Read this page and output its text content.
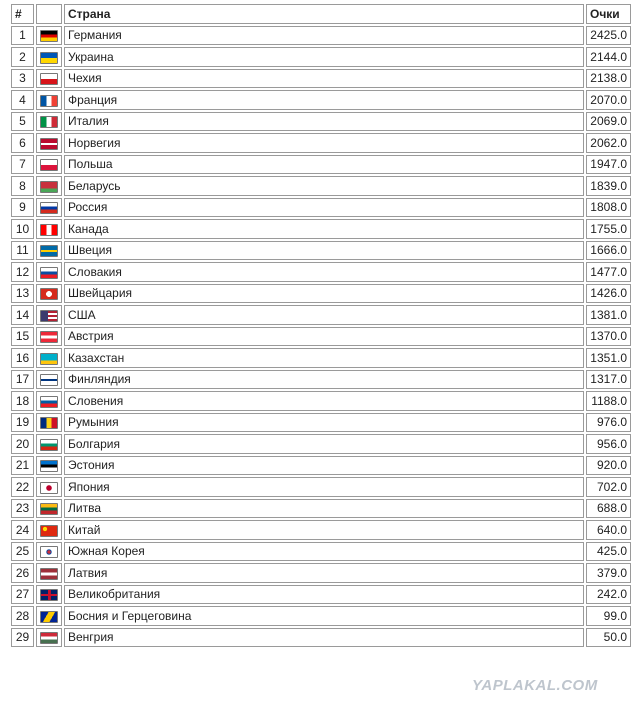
#		Страна	Очки
1		Германия	2425.0
2		Украина	2144.0
3		Чехия	2138.0
4		Франция	2070.0
5		Италия	2069.0
6		Норвегия	2062.0
7		Польша	1947.0
8		Беларусь	1839.0
9		Россия	1808.0
10		Канада	1755.0
11		Швеция	1666.0
12		Словакия	1477.0
13		Швейцария	1426.0
14		США	1381.0
15		Австрия	1370.0
16		Казахстан	1351.0
17		Финляндия	1317.0
18		Словения	1188.0
19		Румыния	976.0
20		Болгария	956.0
21		Эстония	920.0
22		Япония	702.0
23		Литва	688.0
24		Китай	640.0
25		Южная Корея	425.0
26		Латвия	379.0
27		Великобритания	242.0
28		Босния и Герцеговина	99.0
29		Венгрия	50.0
YAPLAKAL.COM
